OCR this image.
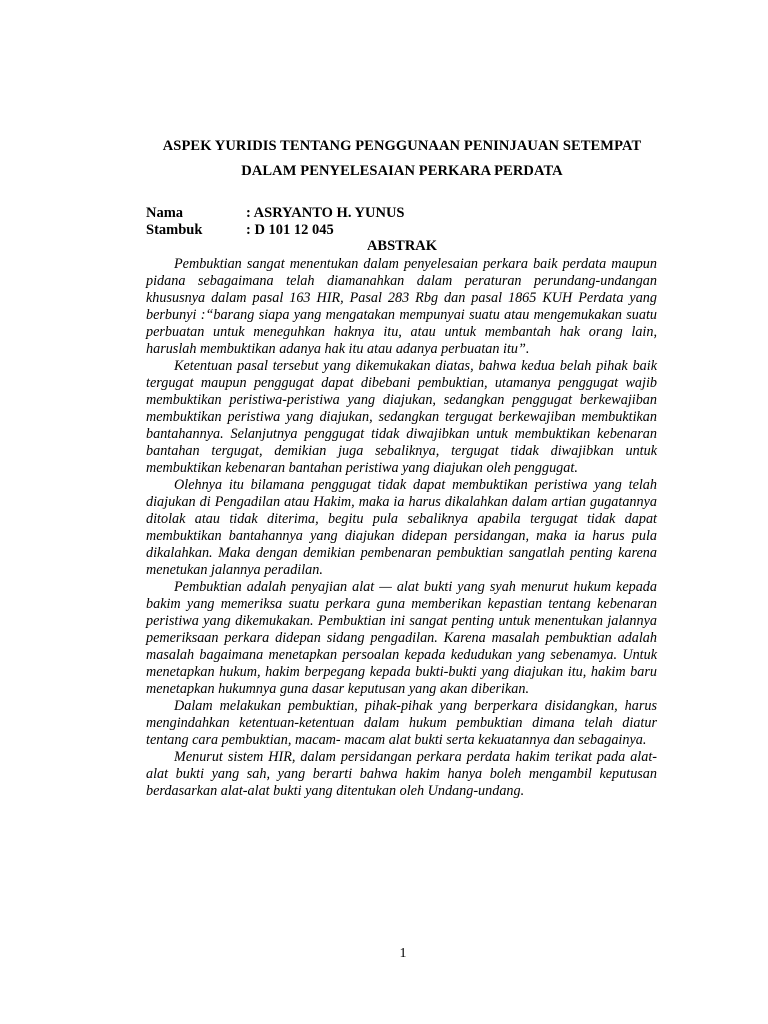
ASPEK YURIDIS TENTANG PENGGUNAAN PENINJAUAN SETEMPAT
DALAM PENYELESAIAN PERKARA PERDATA
Nama	: ASRYANTO H. YUNUS
Stambuk	: D 101 12 045
ABSTRAK

Pembuktian sangat menentukan dalam penyelesaian perkara baik perdata maupun pidana sebagaimana telah diamanahkan dalam peraturan perundang-undangan khususnya dalam pasal 163 HIR, Pasal 283 Rbg dan pasal 1865 KUH Perdata yang berbunyi :“barang siapa yang mengatakan mempunyai suatu atau mengemukakan suatu perbuatan untuk meneguhkan haknya itu, atau untuk membantah hak orang lain, haruslah membuktikan adanya hak itu atau adanya perbuatan itu”.

Ketentuan pasal tersebut yang dikemukakan diatas, bahwa kedua belah pihak baik tergugat maupun penggugat dapat dibebani pembuktian, utamanya penggugat wajib membuktikan peristiwa-peristiwa yang diajukan, sedangkan penggugat berkewajiban membuktikan peristiwa yang diajukan, sedangkan tergugat berkewajiban membuktikan bantahannya. Selanjutnya penggugat tidak diwajibkan untuk membuktikan kebenaran bantahan tergugat, demikian juga sebaliknya, tergugat tidak diwajibkan untuk membuktikan kebenaran bantahan peristiwa yang diajukan oleh penggugat.

Olehnya itu bilamana penggugat tidak dapat membuktikan peristiwa yang telah diajukan di Pengadilan atau Hakim, maka ia harus dikalahkan dalam artian gugatannya ditolak atau tidak diterima, begitu pula sebaliknya apabila tergugat tidak dapat membuktikan bantahannya yang diajukan didepan persidangan, maka ia harus pula dikalahkan. Maka dengan demikian pembenaran pembuktian sangatlah penting karena menetukan jalannya peradilan.

Pembuktian adalah penyajian alat — alat bukti yang syah menurut hukum kepada bakim yang memeriksa suatu perkara guna memberikan kepastian tentang kebenaran peristiwa yang dikemukakan. Pembuktian ini sangat penting untuk menentukan jalannya pemeriksaan perkara didepan sidang pengadilan. Karena masalah pembuktian adalah masalah bagaimana menetapkan persoalan kepada kedudukan yang sebenamya. Untuk menetapkan hukum, hakim berpegang kepada bukti-bukti yang diajukan itu, hakim baru menetapkan hukumnya guna dasar keputusan yang akan diberikan.

Dalam melakukan pembuktian, pihak-pihak yang berperkara disidangkan, harus mengindahkan ketentuan-ketentuan dalam hukum pembuktian dimana telah diatur tentang cara pembuktian, macam- macam alat bukti serta kekuatannya dan sebagainya.

Menurut sistem HIR, dalam persidangan perkara perdata hakim terikat pada alat-alat bukti yang sah, yang berarti bahwa hakim hanya boleh mengambil keputusan berdasarkan alat-alat bukti yang ditentukan oleh Undang-undang.

1
